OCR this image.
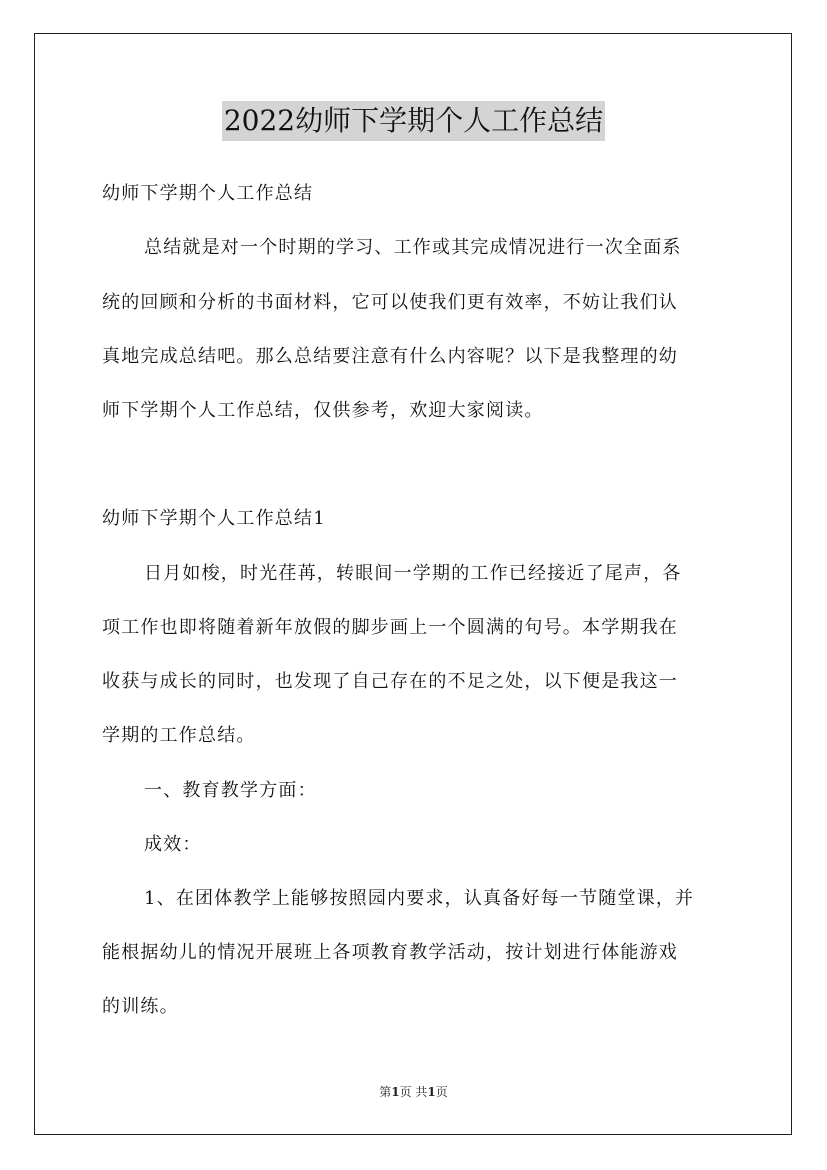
2022幼师下学期个人工作总结
幼师下学期个人工作总结
总结就是对一个时期的学习、工作或其完成情况进行一次全面系
统的回顾和分析的书面材料，它可以使我们更有效率，不妨让我们认
真地完成总结吧。那么总结要注意有什么内容呢？以下是我整理的幼
师下学期个人工作总结，仅供参考，欢迎大家阅读。
幼师下学期个人工作总结1
日月如梭，时光荏苒，转眼间一学期的工作已经接近了尾声，各
项工作也即将随着新年放假的脚步画上一个圆满的句号。本学期我在
收获与成长的同时，也发现了自己存在的不足之处，以下便是我这一
学期的工作总结。
一、教育教学方面：
成效：
1、在团体教学上能够按照园内要求，认真备好每一节随堂课，并
能根据幼儿的情况开展班上各项教育教学活动，按计划进行体能游戏
的训练。
第1页 共1页
